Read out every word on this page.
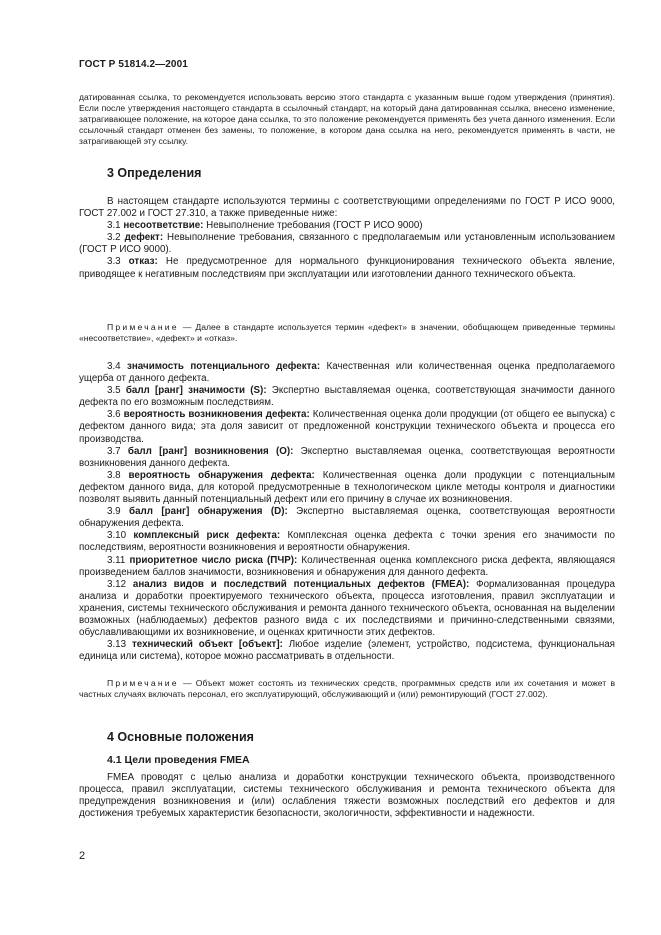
ГОСТ Р 51814.2—2001
датированная ссылка, то рекомендуется использовать версию этого стандарта с указанным выше годом утверждения (принятия). Если после утверждения настоящего стандарта в ссылочный стандарт, на который дана датированная ссылка, внесено изменение, затрагивающее положение, на которое дана ссылка, то это положение рекомендуется применять без учета данного изменения. Если ссылочный стандарт отменен без замены, то положение, в котором дана ссылка на него, рекомендуется применять в части, не затрагивающей эту ссылку.
3 Определения

В настоящем стандарте используются термины с соответствующими определениями по ГОСТ Р ИСО 9000, ГОСТ 27.002 и ГОСТ 27.310, а также приведенные ниже:

3.1 несоответствие: Невыполнение требования (ГОСТ Р ИСО 9000)

3.2 дефект: Невыполнение требования, связанного с предполагаемым или установленным использованием (ГОСТ Р ИСО 9000).

3.3 отказ: Не предусмотренное для нормального функционирования технического объекта явление, приводящее к негативным последствиям при эксплуатации или изготовлении данного технического объекта.

Примечание — Далее в стандарте используется термин «дефект» в значении, обобщающем приведенные термины «несоответствие», «дефект» и «отказ».

3.4 значимость потенциального дефекта: Качественная или количественная оценка предполагаемого ущерба от данного дефекта.

3.5 балл [ранг] значимости (S): Экспертно выставляемая оценка, соответствующая значимости данного дефекта по его возможным последствиям.

3.6 вероятность возникновения дефекта: Количественная оценка доли продукции (от общего ее выпуска) с дефектом данного вида; эта доля зависит от предложенной конструкции технического объекта и процесса его производства.

3.7 балл [ранг] возникновения (О): Экспертно выставляемая оценка, соответствующая вероятности возникновения данного дефекта.

3.8 вероятность обнаружения дефекта: Количественная оценка доли продукции с потенциальным дефектом данного вида, для которой предусмотренные в технологическом цикле методы контроля и диагностики позволят выявить данный потенциальный дефект или его причину в случае их возникновения.

3.9 балл [ранг] обнаружения (D): Экспертно выставляемая оценка, соответствующая вероятности обнаружения дефекта.

3.10 комплексный риск дефекта: Комплексная оценка дефекта с точки зрения его значимости по последствиям, вероятности возникновения и вероятности обнаружения.

3.11 приоритетное число риска (ПЧР): Количественная оценка комплексного риска дефекта, являющаяся произведением баллов значимости, возникновения и обнаружения для данного дефекта.

3.12 анализ видов и последствий потенциальных дефектов (FMEA): Формализованная процедура анализа и доработки проектируемого технического объекта, процесса изготовления, правил эксплуатации и хранения, системы технического обслуживания и ремонта данного технического объекта, основанная на выделении возможных (наблюдаемых) дефектов разного вида с их последствиями и причинно-следственными связями, обуславливающими их возникновение, и оценках критичности этих дефектов.

3.13 технический объект [объект]: Любое изделие (элемент, устройство, подсистема, функциональная единица или система), которое можно рассматривать в отдельности.

Примечание — Объект может состоять из технических средств, программных средств или их сочетания и может в частных случаях включать персонал, его эксплуатирующий, обслуживающий и (или) ремонтирующий (ГОСТ 27.002).

4 Основные положения
4.1 Цели проведения FMEA

FMEA проводят с целью анализа и доработки конструкции технического объекта, производственного процесса, правил эксплуатации, системы технического обслуживания и ремонта технического объекта для предупреждения возникновения и (или) ослабления тяжести возможных последствий его дефектов и для достижения требуемых характеристик безопасности, экологичности, эффективности и надежности.

2
